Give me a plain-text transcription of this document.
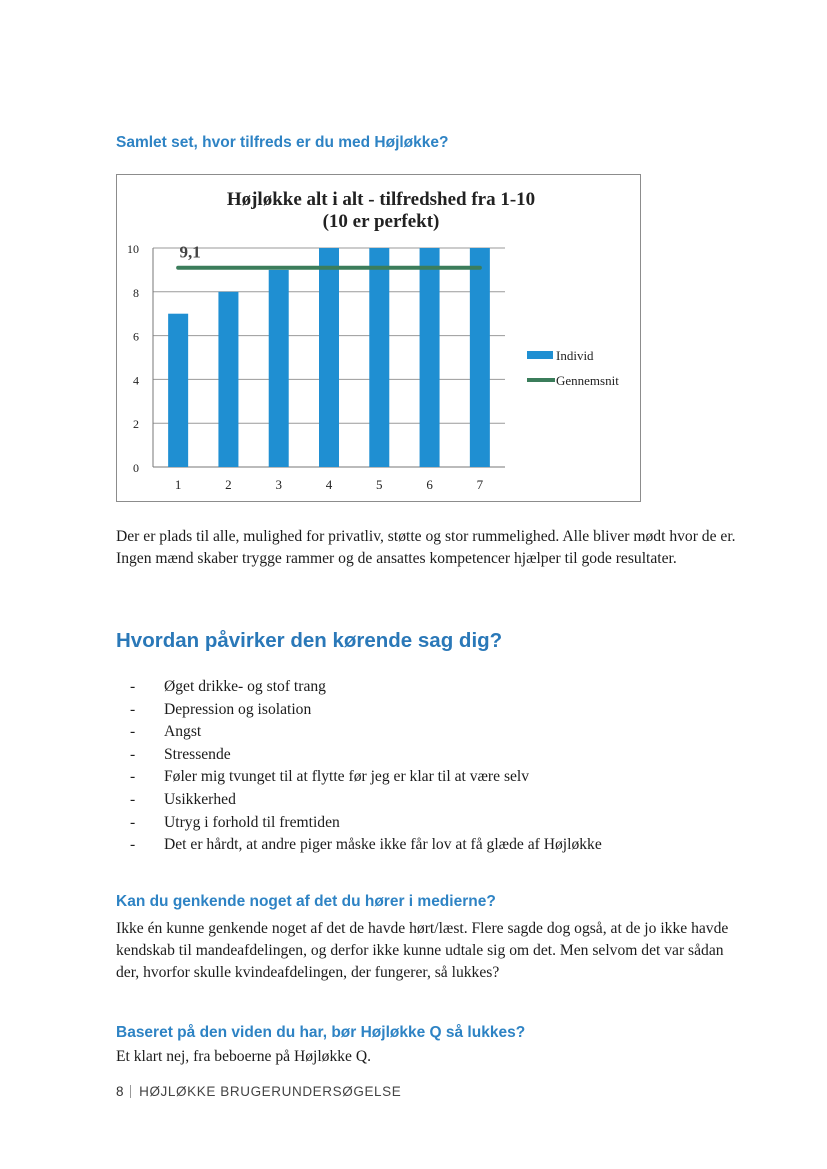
Samlet set, hvor tilfreds er du med Højløkke?
0
2
4
6
8
10
1	2	3	4	5	6	7
9,1
Højløkke alt i alt - tilfredshed fra 1-10
(10 er perfekt)
Individ
Gennemsnit

Der er plads til alle, mulighed for privatliv, støtte og stor rummelighed. Alle bliver mødt hvor de er. Ingen mænd skaber trygge rammer og de ansattes kompetencer hjælper til gode resultater.

Hvordan påvirker den kørende sag dig?
- Øget drikke- og stof trang
- Depression og isolation
- Angst
- Stressende
- Føler mig tvunget til at flytte før jeg er klar til at være selv
- Usikkerhed
- Utryg i forhold til fremtiden
- Det er hårdt, at andre piger måske ikke får lov at få glæde af Højløkke
Kan du genkende noget af det du hører i medierne?

Ikke én kunne genkende noget af det de havde hørt/læst. Flere sagde dog også, at de jo ikke havde kendskab til mandeafdelingen, og derfor ikke kunne udtale sig om det. Men selvom det var sådan der, hvorfor skulle kvindeafdelingen, der fungerer, så lukkes?

Baseret på den viden du har, bør Højløkke Q så lukkes?

Et klart nej, fra beboerne på Højløkke Q.

8 HØJLØKKE BRUGERUNDERSØGELSE
